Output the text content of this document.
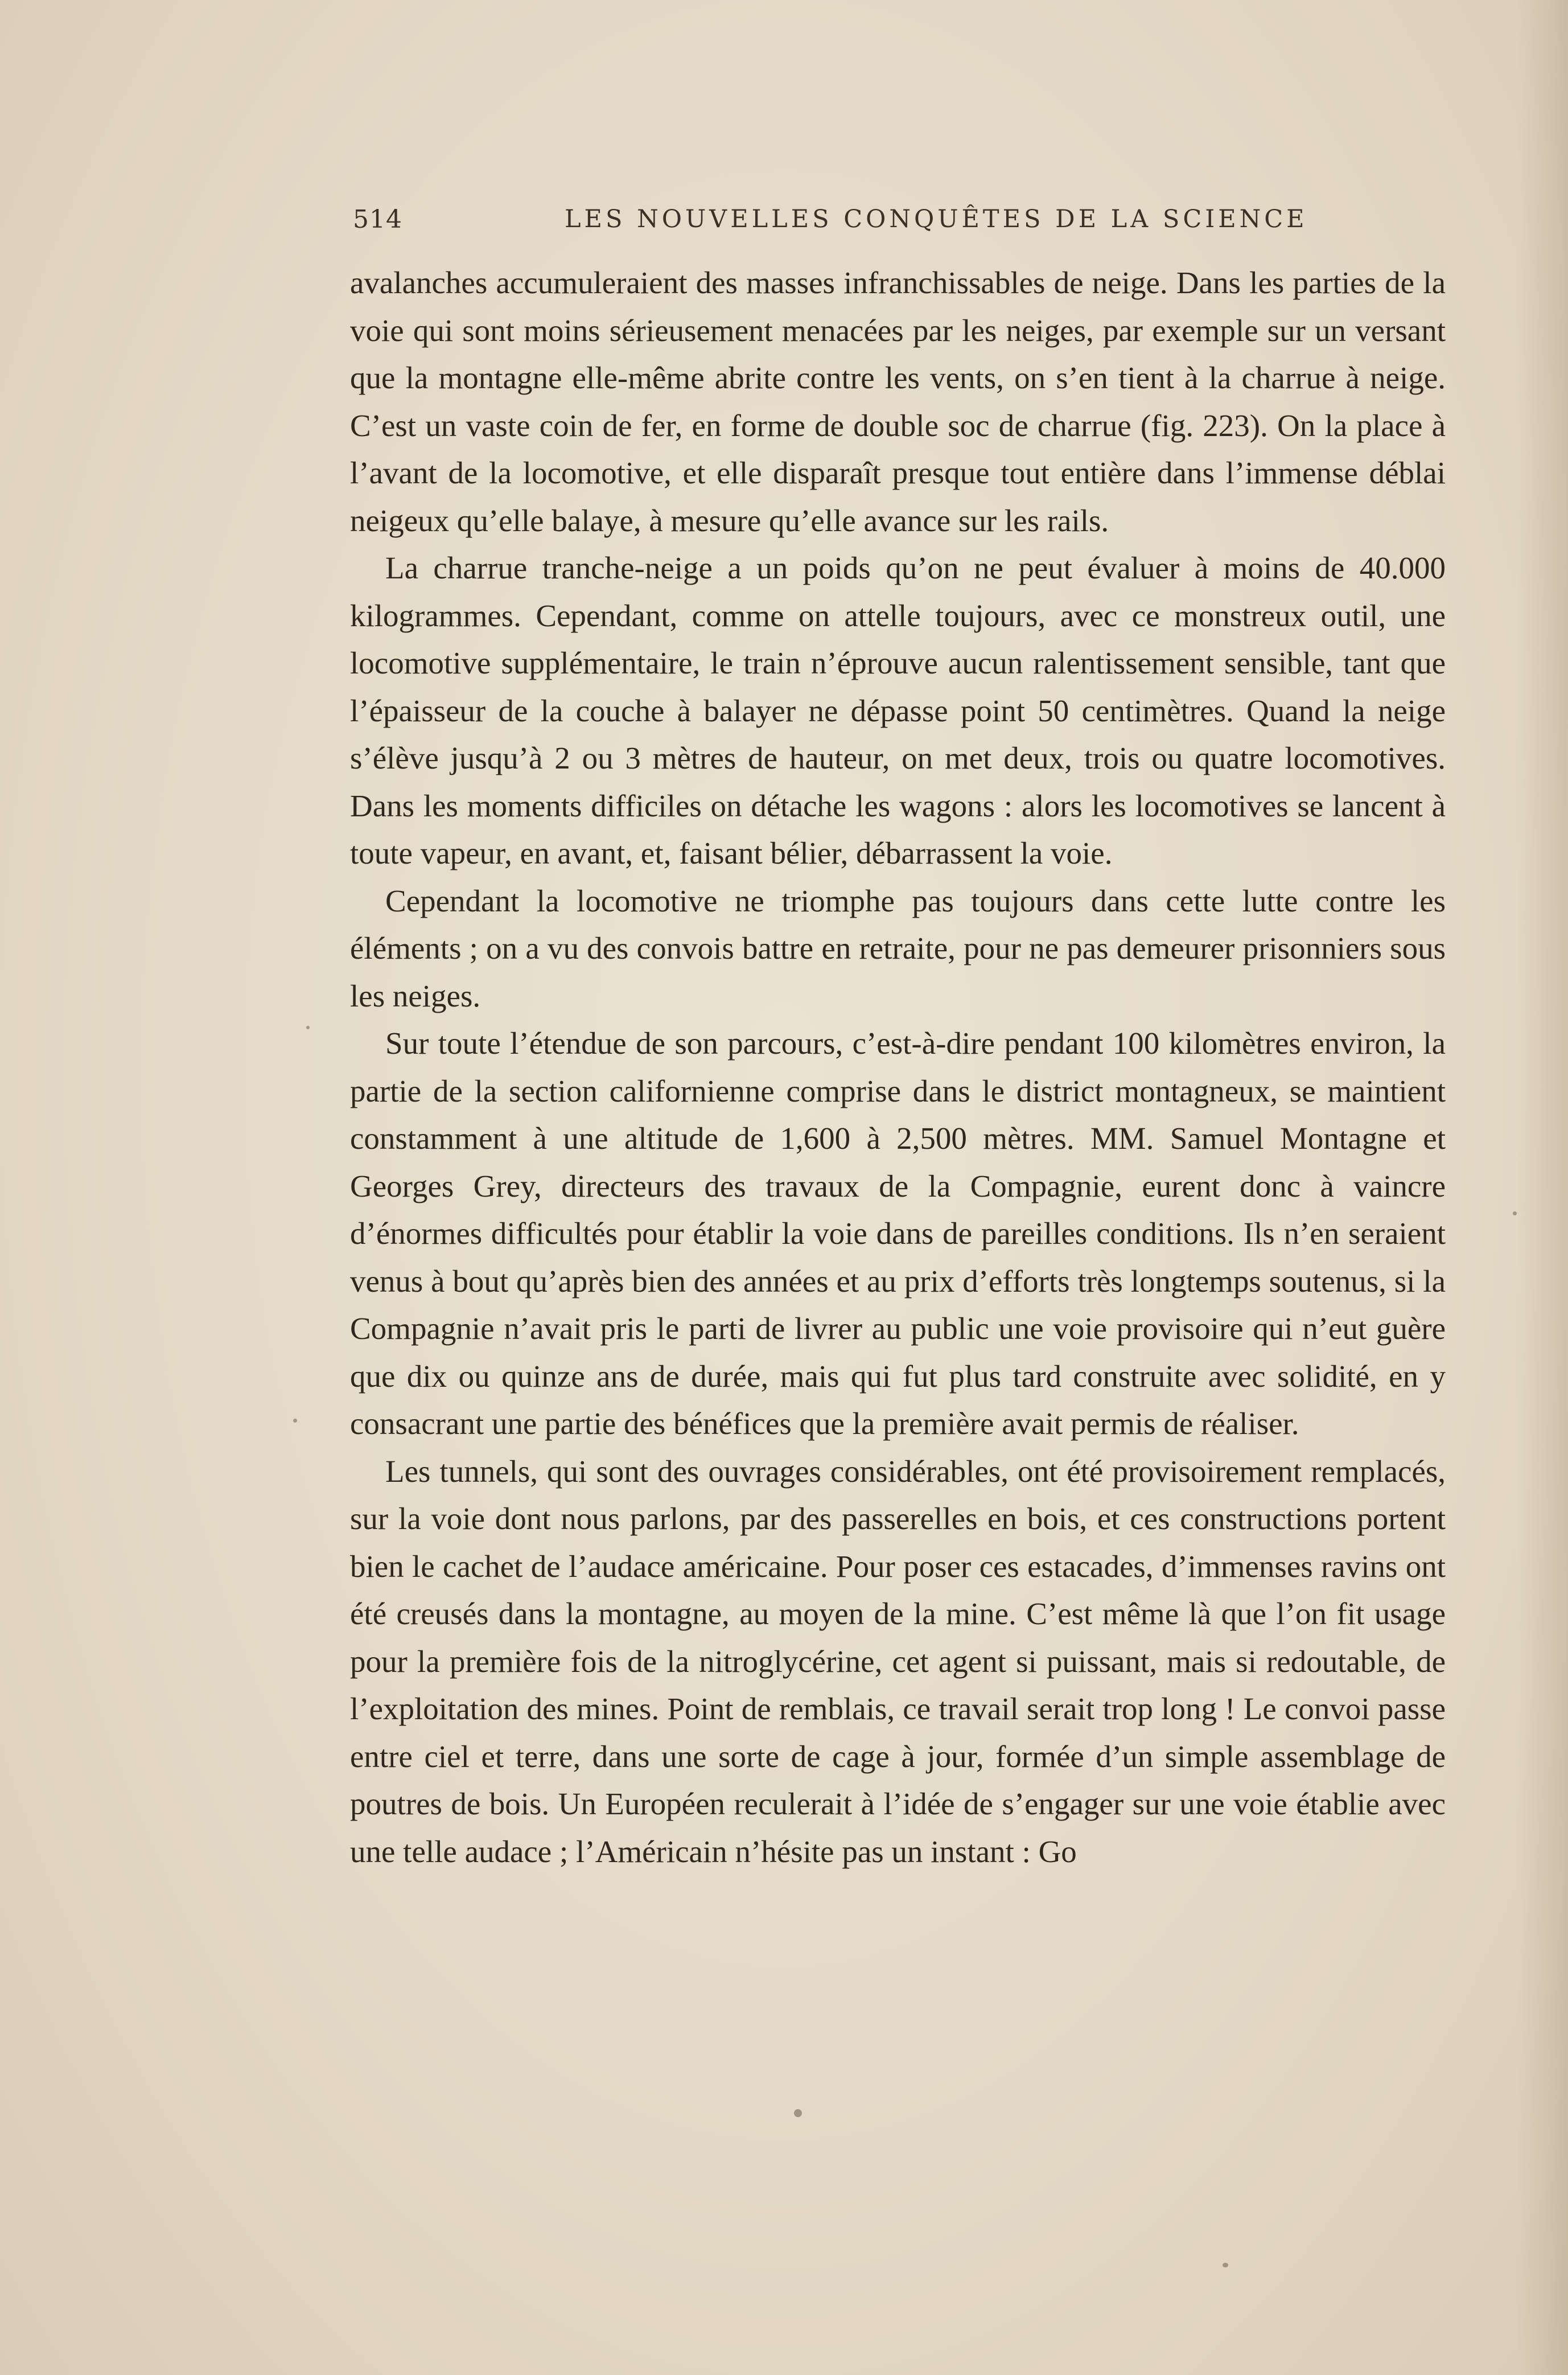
514	LES NOUVELLES CONQUÊTES DE LA SCIENCE

avalanches accumuleraient des masses infranchissables de neige. Dans les parties de la voie qui sont moins sérieusement menacées par les neiges, par exemple sur un versant que la montagne elle-même abrite contre les vents, on s’en tient à la charrue à neige. C’est un vaste coin de fer, en forme de double soc de charrue (fig. 223). On la place à l’avant de la locomotive, et elle disparaît presque tout entière dans l’immense déblai neigeux qu’elle balaye, à mesure qu’elle avance sur les rails.

La charrue tranche-neige a un poids qu’on ne peut évaluer à moins de 40.000 kilogrammes. Cependant, comme on attelle toujours, avec ce monstreux outil, une locomotive supplémentaire, le train n’éprouve aucun ralentissement sensible, tant que l’épaisseur de la couche à balayer ne dépasse point 50 centimètres. Quand la neige s’élève jusqu’à 2 ou 3 mètres de hauteur, on met deux, trois ou quatre locomotives. Dans les moments difficiles on détache les wagons : alors les locomotives se lancent à toute vapeur, en avant, et, faisant bélier, débarrassent la voie.

Cependant la locomotive ne triomphe pas toujours dans cette lutte contre les éléments ; on a vu des convois battre en retraite, pour ne pas demeurer prisonniers sous les neiges.

Sur toute l’étendue de son parcours, c’est-à-dire pendant 100 kilomètres environ, la partie de la section californienne comprise dans le district montagneux, se maintient constamment à une altitude de 1,600 à 2,500 mètres. MM. Samuel Montagne et Georges Grey, directeurs des travaux de la Compagnie, eurent donc à vaincre d’énormes difficultés pour établir la voie dans de pareilles conditions. Ils n’en seraient venus à bout qu’après bien des années et au prix d’efforts très longtemps soutenus, si la Compagnie n’avait pris le parti de livrer au public une voie provisoire qui n’eut guère que dix ou quinze ans de durée, mais qui fut plus tard construite avec solidité, en y consacrant une partie des bénéfices que la première avait permis de réaliser.

Les tunnels, qui sont des ouvrages considérables, ont été provisoirement remplacés, sur la voie dont nous parlons, par des passerelles en bois, et ces constructions portent bien le cachet de l’audace américaine. Pour poser ces estacades, d’immenses ravins ont été creusés dans la montagne, au moyen de la mine. C’est même là que l’on fit usage pour la première fois de la nitroglycérine, cet agent si puissant, mais si redoutable, de l’exploitation des mines. Point de remblais, ce travail serait trop long ! Le convoi passe entre ciel et terre, dans une sorte de cage à jour, formée d’un simple assemblage de poutres de bois. Un Européen reculerait à l’idée de s’engager sur une voie établie avec une telle audace ; l’Américain n’hésite pas un instant : Go
